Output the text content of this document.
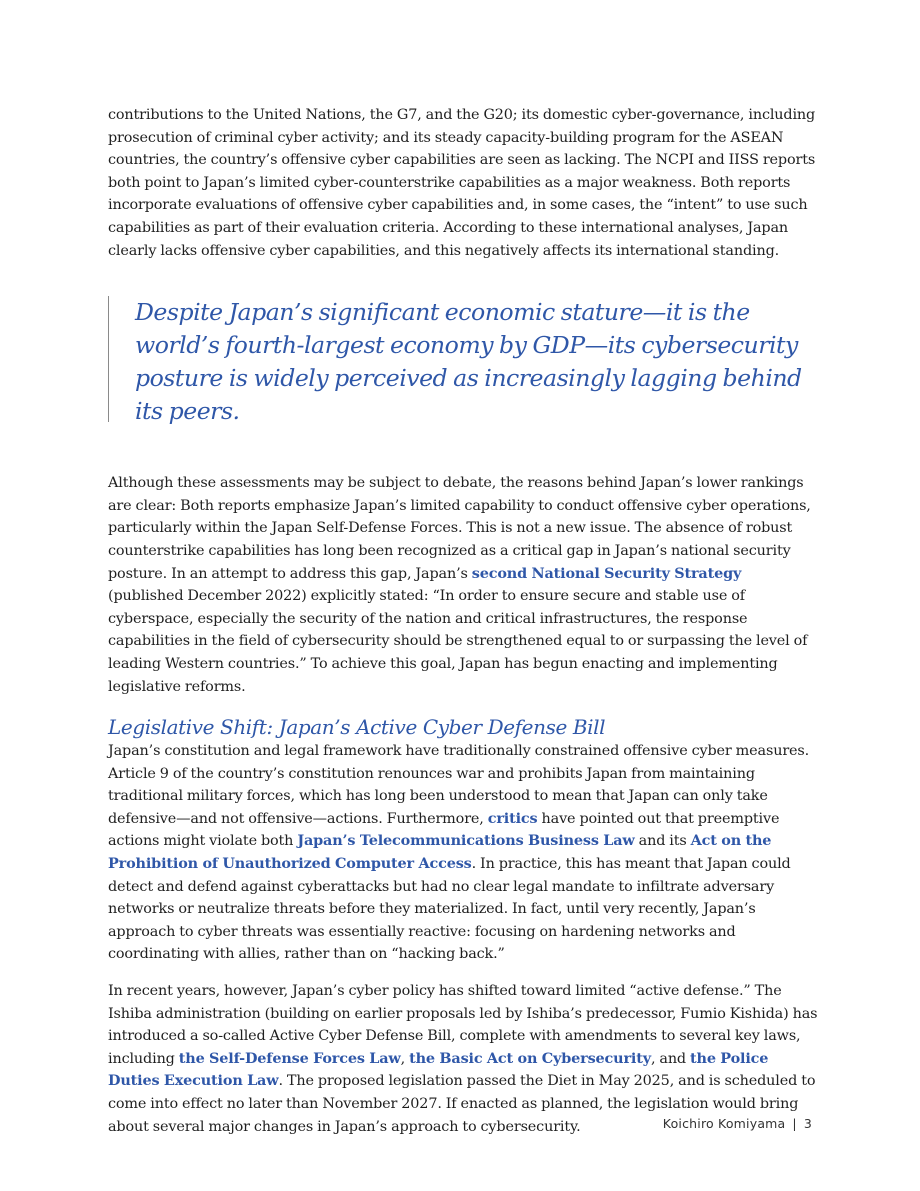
contributions to the United Nations, the G7, and the G20; its domestic cyber-governance, including prosecution of criminal cyber activity; and its steady capacity-building program for the ASEAN countries, the country’s offensive cyber capabilities are seen as lacking. The NCPI and IISS reports both point to Japan’s limited cyber-counterstrike capabilities as a major weakness. Both reports incorporate evaluations of offensive cyber capabilities and, in some cases, the “intent” to use such capabilities as part of their evaluation criteria. According to these international analyses, Japan clearly lacks offensive cyber capabilities, and this negatively affects its international standing.

Despite Japan’s significant economic stature—it is the world’s fourth-largest economy by GDP—its cybersecurity posture is widely perceived as increasingly lagging behind its peers.

Although these assessments may be subject to debate, the reasons behind Japan’s lower rankings are clear: Both reports emphasize Japan’s limited capability to conduct offensive cyber operations, particularly within the Japan Self-Defense Forces. This is not a new issue. The absence of robust counterstrike capabilities has long been recognized as a critical gap in Japan’s national security posture. In an attempt to address this gap, Japan’s second National Security Strategy (published December 2022) explicitly stated: “In order to ensure secure and stable use of cyberspace, especially the security of the nation and critical infrastructures, the response capabilities in the field of cybersecurity should be strengthened equal to or surpassing the level of leading Western countries.” To achieve this goal, Japan has begun enacting and implementing legislative reforms.

Legislative Shift: Japan’s Active Cyber Defense Bill

Japan’s constitution and legal framework have traditionally constrained offensive cyber measures. Article 9 of the country’s constitution renounces war and prohibits Japan from maintaining traditional military forces, which has long been understood to mean that Japan can only take defensive—and not offensive—actions. Furthermore, critics have pointed out that preemptive actions might violate both Japan’s Telecommunications Business Law and its Act on the Prohibition of Unauthorized Computer Access. In practice, this has meant that Japan could detect and defend against cyberattacks but had no clear legal mandate to infiltrate adversary networks or neutralize threats before they materialized. In fact, until very recently, Japan’s approach to cyber threats was essentially reactive: focusing on hardening networks and coordinating with allies, rather than on “hacking back.”

In recent years, however, Japan’s cyber policy has shifted toward limited “active defense.” The Ishiba administration (building on earlier proposals led by Ishiba’s predecessor, Fumio Kishida) has introduced a so-called Active Cyber Defense Bill, complete with amendments to several key laws, including the Self-Defense Forces Law, the Basic Act on Cybersecurity, and the Police Duties Execution Law. The proposed legislation passed the Diet in May 2025, and is scheduled to come into effect no later than November 2027. If enacted as planned, the legislation would bring about several major changes in Japan’s approach to cybersecurity.	Koichiro Komiyama | 3
